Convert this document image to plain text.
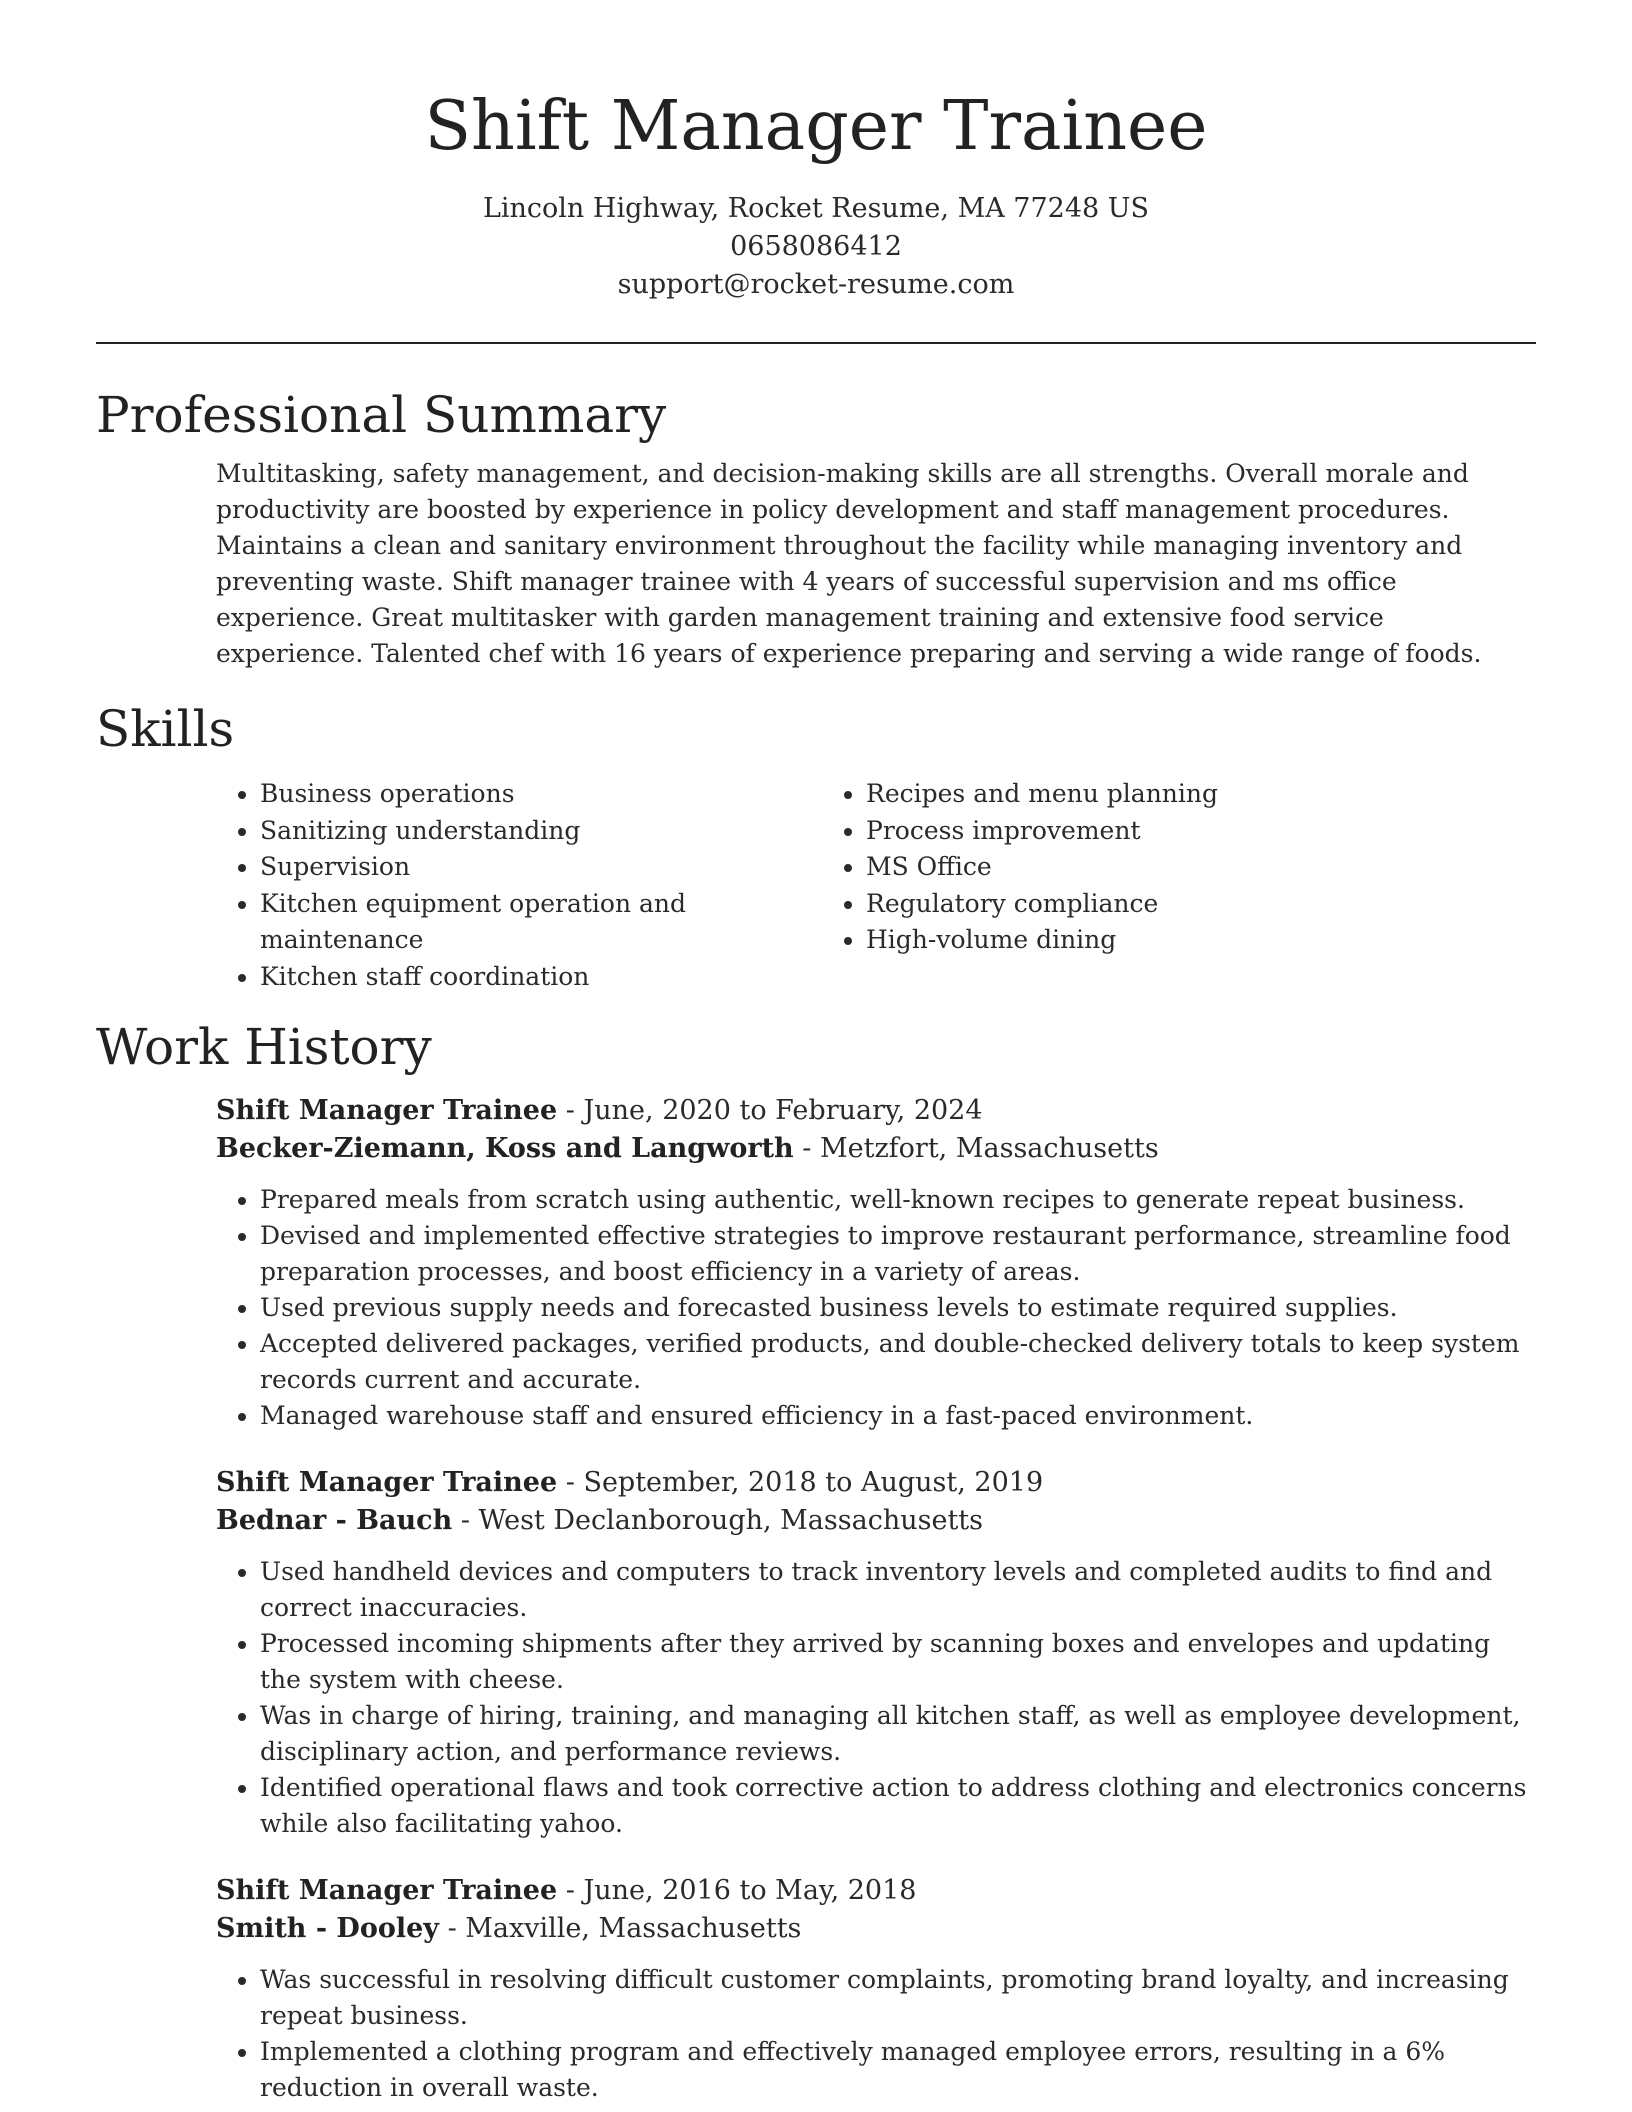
Shift Manager Trainee
Lincoln Highway, Rocket Resume, MA 77248 US
0658086412
support@rocket-resume.com
Professional Summary

Multitasking, safety management, and decision-making skills are all strengths. Overall morale and productivity are boosted by experience in policy development and staff management procedures. Maintains a clean and sanitary environment throughout the facility while managing inventory and preventing waste. Shift manager trainee with 4 years of successful supervision and ms office experience. Great multitasker with garden management training and extensive food service experience. Talented chef with 16 years of experience preparing and serving a wide range of foods.

Skills
• Business operations
• Sanitizing understanding
• Supervision
• Kitchen equipment operation and maintenance
• Kitchen staff coordination
• Recipes and menu planning
• Process improvement
• MS Office
• Regulatory compliance
• High-volume dining
Work History
Shift Manager Trainee - June, 2020 to February, 2024
Becker-Ziemann, Koss and Langworth - Metzfort, Massachusetts
• Prepared meals from scratch using authentic, well-known recipes to generate repeat business.
• Devised and implemented effective strategies to improve restaurant performance, streamline food preparation processes, and boost efficiency in a variety of areas.
• Used previous supply needs and forecasted business levels to estimate required supplies.
• Accepted delivered packages, verified products, and double-checked delivery totals to keep system records current and accurate.
• Managed warehouse staff and ensured efficiency in a fast-paced environment.
Shift Manager Trainee - September, 2018 to August, 2019
Bednar - Bauch - West Declanborough, Massachusetts
• Used handheld devices and computers to track inventory levels and completed audits to find and correct inaccuracies.
• Processed incoming shipments after they arrived by scanning boxes and envelopes and updating the system with cheese.
• Was in charge of hiring, training, and managing all kitchen staff, as well as employee development, disciplinary action, and performance reviews.
• Identified operational flaws and took corrective action to address clothing and electronics concerns while also facilitating yahoo.
Shift Manager Trainee - June, 2016 to May, 2018
Smith - Dooley - Maxville, Massachusetts
• Was successful in resolving difficult customer complaints, promoting brand loyalty, and increasing repeat business.
• Implemented a clothing program and effectively managed employee errors, resulting in a 6% reduction in overall waste.
